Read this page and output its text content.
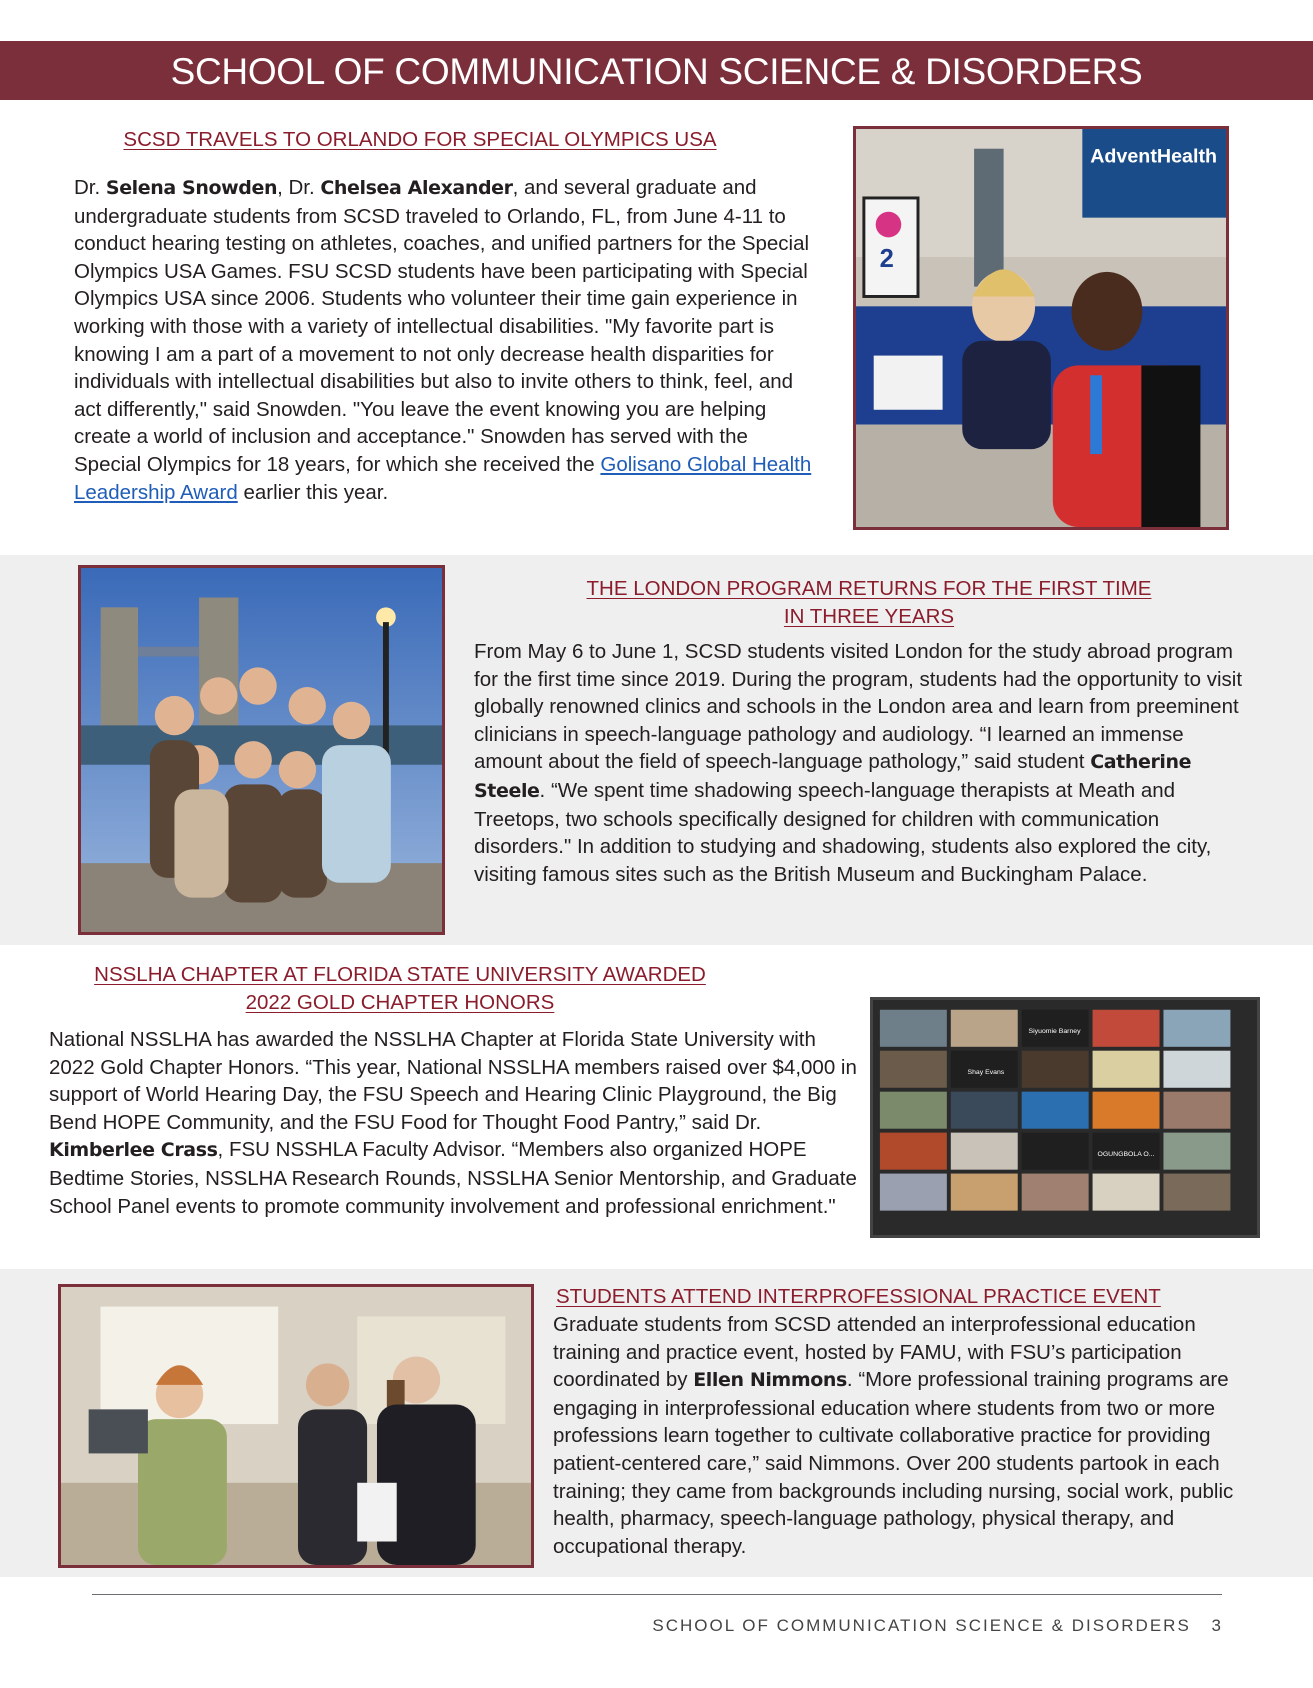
SCHOOL OF COMMUNICATION SCIENCE & DISORDERS
SCSD TRAVELS TO ORLANDO FOR SPECIAL OLYMPICS USA
Dr. Selena Snowden, Dr. Chelsea Alexander, and several graduate and undergraduate students from SCSD traveled to Orlando, FL, from June 4-11 to conduct hearing testing on athletes, coaches, and unified partners for the Special Olympics USA Games. FSU SCSD students have been participating with Special Olympics USA since 2006. Students who volunteer their time gain experience in working with those with a variety of intellectual disabilities. "My favorite part is knowing I am a part of a movement to not only decrease health disparities for individuals with intellectual disabilities but also to invite others to think, feel, and act differently," said Snowden. "You leave the event knowing you are helping create a world of inclusion and acceptance." Snowden has served with the Special Olympics for 18 years, for which she received the Golisano Global Health Leadership Award earlier this year.
AdventHealth
2
THE LONDON PROGRAM RETURNS FOR THE FIRST TIME
IN THREE YEARS
From May 6 to June 1, SCSD students visited London for the study abroad program for the first time since 2019. During the program, students had the opportunity to visit globally renowned clinics and schools in the London area and learn from preeminent clinicians in speech-language pathology and audiology. “I learned an immense amount about the field of speech-language pathology,” said student Catherine Steele. “We spent time shadowing speech-language therapists at Meath and Treetops, two schools specifically designed for children with communication disorders." In addition to studying and shadowing, students also explored the city, visiting famous sites such as the British Museum and Buckingham Palace.
NSSLHA CHAPTER AT FLORIDA STATE UNIVERSITY AWARDED
2022 GOLD CHAPTER HONORS
National NSSLHA has awarded the NSSLHA Chapter at Florida State University with 2022 Gold Chapter Honors. “This year, National NSSLHA members raised over $4,000 in support of World Hearing Day, the FSU Speech and Hearing Clinic Playground, the Big Bend HOPE Community, and the FSU Food for Thought Food Pantry,” said Dr. Kimberlee Crass, FSU NSSHLA Faculty Advisor. “Members also organized HOPE Bedtime Stories, NSSLHA Research Rounds, NSSLHA Senior Mentorship, and Graduate School Panel events to promote community involvement and professional enrichment."
Siyuomie Barney
Shay Evans
OGUNGBOLA O...
STUDENTS ATTEND INTERPROFESSIONAL PRACTICE EVENT
Graduate students from SCSD attended an interprofessional education training and practice event, hosted by FAMU, with FSU’s participation coordinated by Ellen Nimmons. “More professional training programs are engaging in interprofessional education where students from two or more professions learn together to cultivate collaborative practice for providing patient-centered care,” said Nimmons. Over 200 students partook in each training; they came from backgrounds including nursing, social work, public health, pharmacy, speech-language pathology, physical therapy, and occupational therapy.
SCHOOL OF COMMUNICATION SCIENCE & DISORDERS 3
